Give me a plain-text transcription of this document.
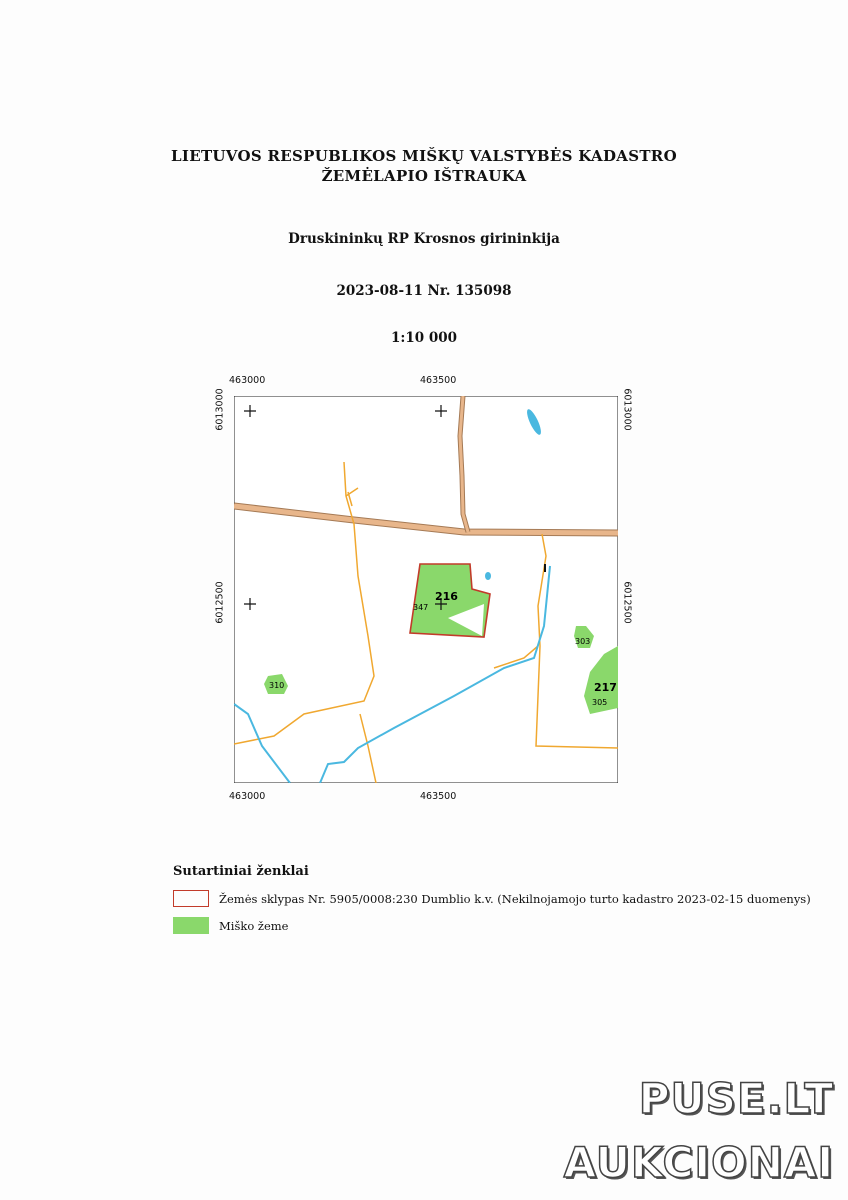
LIETUVOS RESPUBLIKOS MIŠKŲ VALSTYBĖS KADASTRO
ŽEMĖLAPIO IŠTRAUKA
Druskininkų RP Krosnos girininkija
2023-08-11 Nr. 135098
1:10 000
463000	463500
463000	463500
6013000
6012500
6013000
6012500
216
347
303
217
305
310
Sutartiniai ženklai
Žemės sklypas Nr. 5905/0008:230 Dumblio k.v. (Nekilnojamojo turto kadastro 2023-02-15 duomenys)
Miško žeme
PUSE.LT
AUKCIONAI
